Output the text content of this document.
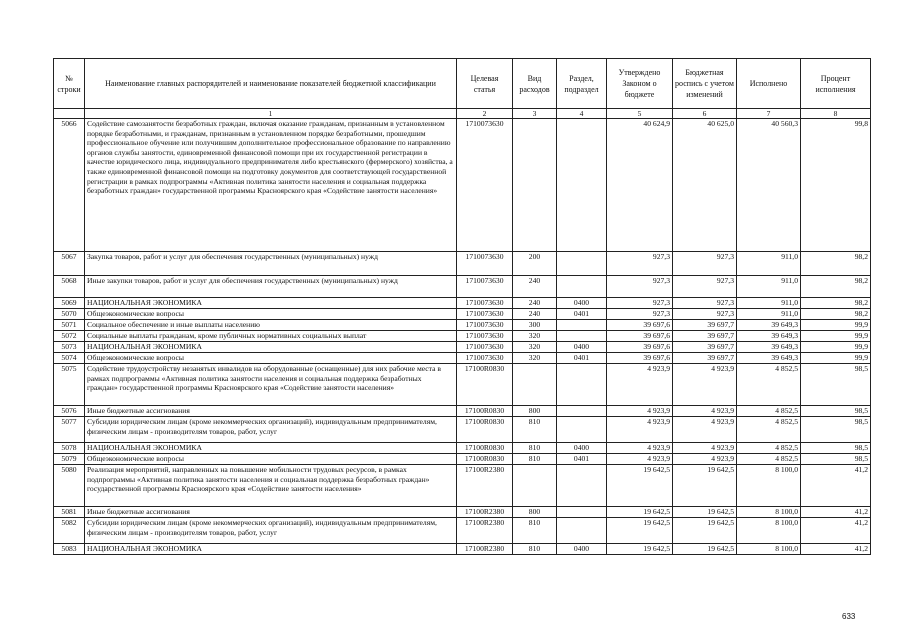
№ строки	Наименование главных распорядителей и наименование показателей бюджетной классификации	Целевая статья	Вид расходов	Раздел, подраздел	Утверждено Законом о бюджете	Бюджетная роспись с учетом изменений	Исполнено	Процент исполнения
	1	2	3	4	5	6	7	8
5066	Содействие самозанятости безработных граждан, включая оказание гражданам, признанным в установленном порядке безработными, и гражданам, признанным в установленном порядке безработными, прошедшим профессиональное обучение или получившим дополнительное профессиональное образование по направлению органов службы занятости, единовременной финансовой помощи при их государственной регистрации в качестве юридического лица, индивидуального предпринимателя либо крестьянского (фермерского) хозяйства, а также единовременной финансовой помощи на подготовку документов для соответствующей государственной регистрации в рамках подпрограммы «Активная политика занятости населения и социальная поддержка безработных граждан» государственной программы Красноярского края «Содействие занятости населения»	1710073630			40 624,9	40 625,0	40 560,3	99,8
5067	Закупка товаров, работ и услуг для обеспечения государственных (муниципальных) нужд	1710073630	200		927,3	927,3	911,0	98,2
5068	Иные закупки товаров, работ и услуг для обеспечения государственных (муниципальных) нужд	1710073630	240		927,3	927,3	911,0	98,2
5069	НАЦИОНАЛЬНАЯ ЭКОНОМИКА	1710073630	240	0400	927,3	927,3	911,0	98,2
5070	Общеэкономические вопросы	1710073630	240	0401	927,3	927,3	911,0	98,2
5071	Социальное обеспечение и иные выплаты населению	1710073630	300		39 697,6	39 697,7	39 649,3	99,9
5072	Социальные выплаты гражданам, кроме публичных нормативных социальных выплат	1710073630	320		39 697,6	39 697,7	39 649,3	99,9
5073	НАЦИОНАЛЬНАЯ ЭКОНОМИКА	1710073630	320	0400	39 697,6	39 697,7	39 649,3	99,9
5074	Общеэкономические вопросы	1710073630	320	0401	39 697,6	39 697,7	39 649,3	99,9
5075	Содействие трудоустройству незанятых инвалидов на оборудованные (оснащенные) для них рабочие места в рамках подпрограммы «Активная политика занятости населения и социальная поддержка безработных граждан» государственной программы Красноярского края «Содействие занятости населения»	17100R0830			4 923,9	4 923,9	4 852,5	98,5
5076	Иные бюджетные ассигнования	17100R0830	800		4 923,9	4 923,9	4 852,5	98,5
5077	Субсидии юридическим лицам (кроме некоммерческих организаций), индивидуальным предпринимателям, физическим лицам - производителям товаров, работ, услуг	17100R0830	810		4 923,9	4 923,9	4 852,5	98,5
5078	НАЦИОНАЛЬНАЯ ЭКОНОМИКА	17100R0830	810	0400	4 923,9	4 923,9	4 852,5	98,5
5079	Общеэкономические вопросы	17100R0830	810	0401	4 923,9	4 923,9	4 852,5	98,5
5080	Реализация мероприятий, направленных на повышение мобильности трудовых ресурсов, в рамках подпрограммы «Активная политика занятости населения и социальная поддержка безработных граждан» государственной программы Красноярского края «Содействие занятости населения»	17100R2380			19 642,5	19 642,5	8 100,0	41,2
5081	Иные бюджетные ассигнования	17100R2380	800		19 642,5	19 642,5	8 100,0	41,2
5082	Субсидии юридическим лицам (кроме некоммерческих организаций), индивидуальным предпринимателям, физическим лицам - производителям товаров, работ, услуг	17100R2380	810		19 642,5	19 642,5	8 100,0	41,2
5083	НАЦИОНАЛЬНАЯ ЭКОНОМИКА	17100R2380	810	0400	19 642,5	19 642,5	8 100,0	41,2
633
